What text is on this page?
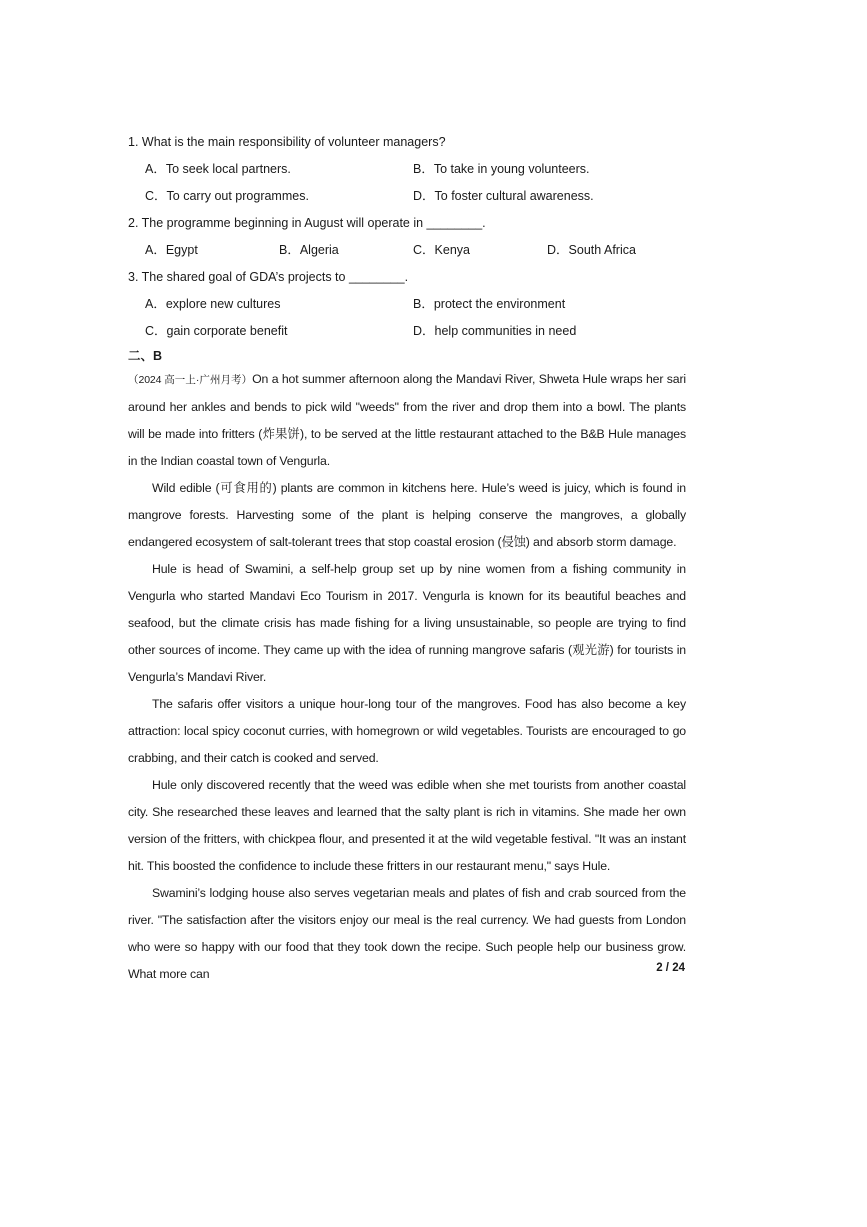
1. What is the main responsibility of volunteer managers?
A．To seek local partners.	B．To take in young volunteers.
C．To carry out programmes.	D．To foster cultural awareness.
2. The programme beginning in August will operate in ________.
A．Egypt	B．Algeria	C．Kenya	D．South Africa
3. The shared goal of GDA’s projects to ________.
A．explore new cultures	B．protect the environment
C．gain corporate benefit	D．help communities in need
二、B

（2024 高一上·广州月考）On a hot summer afternoon along the Mandavi River, Shweta Hule wraps her sari around her ankles and bends to pick wild "weeds" from the river and drop them into a bowl. The plants will be made into fritters (炸果饼), to be served at the little restaurant attached to the B&B Hule manages in the Indian coastal town of Vengurla.

Wild edible (可食用的) plants are common in kitchens here. Hule’s weed is juicy, which is found in mangrove forests. Harvesting some of the plant is helping conserve the mangroves, a globally endangered ecosystem of salt-tolerant trees that stop coastal erosion (侵蚀) and absorb storm damage.

Hule is head of Swamini, a self-help group set up by nine women from a fishing community in Vengurla who started Mandavi Eco Tourism in 2017. Vengurla is known for its beautiful beaches and seafood, but the climate crisis has made fishing for a living unsustainable, so people are trying to find other sources of income. They came up with the idea of running mangrove safaris (观光游) for tourists in Vengurla’s Mandavi River.

The safaris offer visitors a unique hour-long tour of the mangroves. Food has also become a key attraction: local spicy coconut curries, with homegrown or wild vegetables. Tourists are encouraged to go crabbing, and their catch is cooked and served.

Hule only discovered recently that the weed was edible when she met tourists from another coastal city. She researched these leaves and learned that the salty plant is rich in vitamins. She made her own version of the fritters, with chickpea flour, and presented it at the wild vegetable festival. "It was an instant hit. This boosted the confidence to include these fritters in our restaurant menu," says Hule.

Swamini’s lodging house also serves vegetarian meals and plates of fish and crab sourced from the river. "The satisfaction after the visitors enjoy our meal is the real currency. We had guests from London who were so happy with our food that they took down the recipe. Such people help our business grow. What more can	2 / 24
